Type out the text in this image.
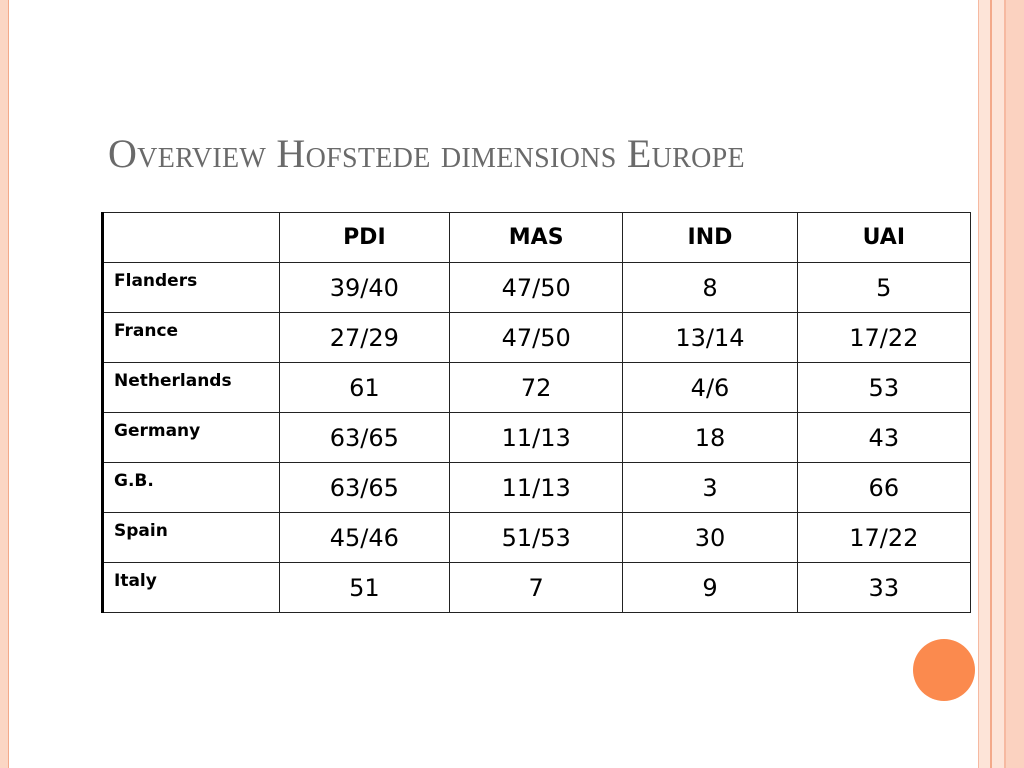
Overview Hofstede dimensions Europe
	PDI	MAS	IND	UAI
Flanders	39/40	47/50	8	5
France	27/29	47/50	13/14	17/22
Netherlands	61	72	4/6	53
Germany	63/65	11/13	18	43
G.B.	63/65	11/13	3	66
Spain	45/46	51/53	30	17/22
Italy	51	7	9	33
